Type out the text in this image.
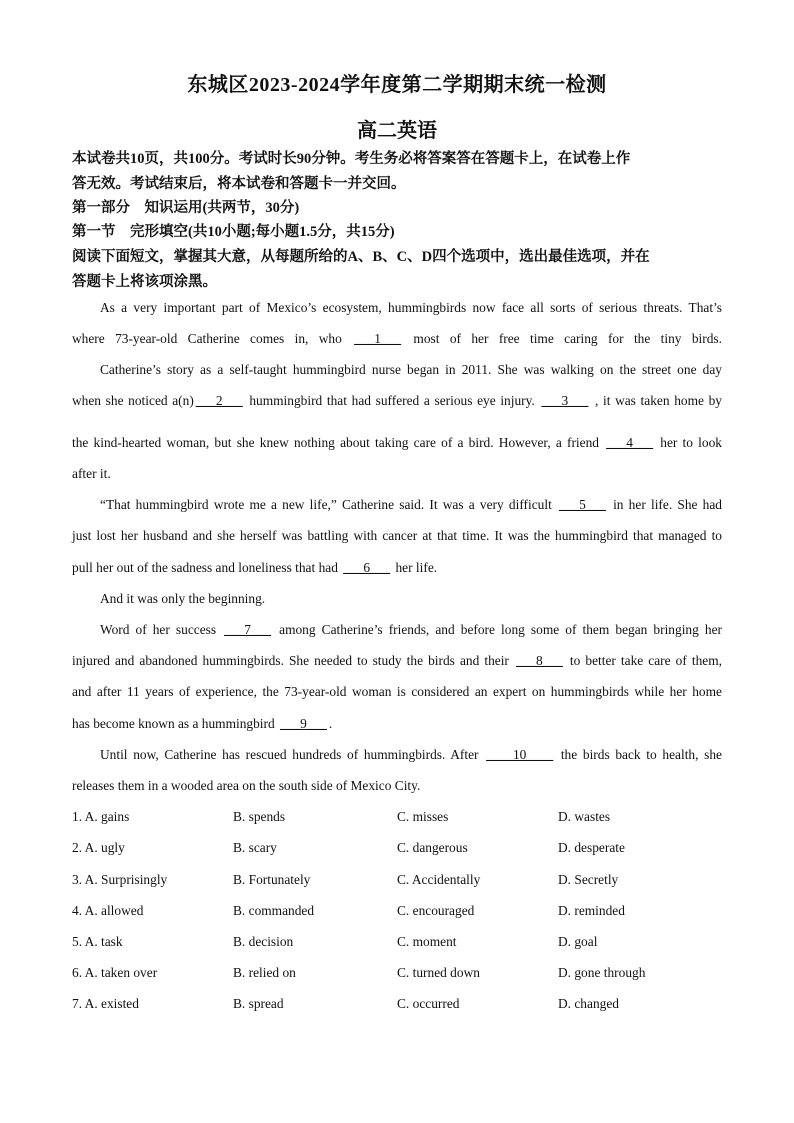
东城区2023-2024学年度第二学期期末统一检测
高二英语
本试卷共10页，共100分。考试时长90分钟。考生务必将答案答在答题卡上，在试卷上作
答无效。考试结束后，将本试卷和答题卡一并交回。
第一部分　知识运用(共两节，30分)
第一节　完形填空(共10小题;每小题1.5分，共15分)
阅读下面短文，掌握其大意，从每题所给的A、B、C、D四个选项中，选出最佳选项，并在
答题卡上将该项涂黑。
As a very important part of Mexico’s ecosystem, hummingbirds now face all sorts of serious threats. That’s
where 73-year-old Catherine comes in, who ___1___ most of her free time caring for the tiny birds.
Catherine’s story as a self-taught hummingbird nurse began in 2011. She was walking on the street one day
when she noticed a(n) ___2___ hummingbird that had suffered a serious eye injury. ___3___ , it was taken home by
the kind-hearted woman, but she knew nothing about taking care of a bird. However, a friend ___4___ her to look
after it.
“That hummingbird wrote me a new life,” Catherine said. It was a very difficult ___5___ in her life. She had
just lost her husband and she herself was battling with cancer at that time. It was the hummingbird that managed to
pull her out of the sadness and loneliness that had ___6___ her life.
And it was only the beginning.
Word of her success ___7___ among Catherine’s friends, and before long some of them began bringing her
injured and abandoned hummingbirds. She needed to study the birds and their ___8___ to better take care of them,
and after 11 years of experience, the 73-year-old woman is considered an expert on hummingbirds while her home
has become known as a hummingbird ___9___ .
Until now, Catherine has rescued hundreds of hummingbirds. After ____10____ the birds back to health, she
releases them in a wooded area on the south side of Mexico City.
1. A. gains	B. spends	C. misses	D. wastes
2. A. ugly	B. scary	C. dangerous	D. desperate
3. A. Surprisingly	B. Fortunately	C. Accidentally	D. Secretly
4. A. allowed	B. commanded	C. encouraged	D. reminded
5. A. task	B. decision	C. moment	D. goal
6. A. taken over	B. relied on	C. turned down	D. gone through
7. A. existed	B. spread	C. occurred	D. changed
